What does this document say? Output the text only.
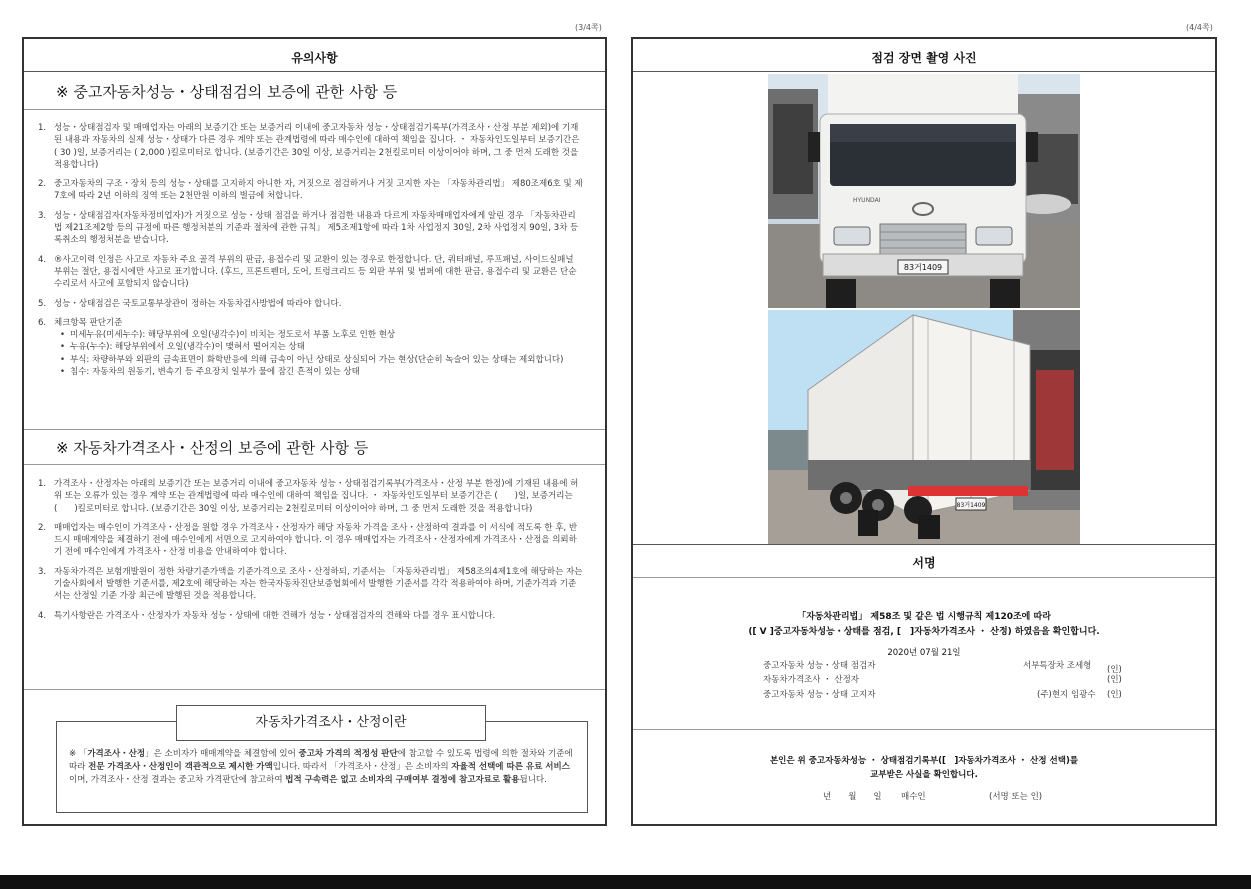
(3/4쪽)
유의사항
※ 중고자동차성능・상태점검의 보증에 관한 사항 등
1. 성능・상태점검자 및 매매업자는 아래의 보증기간 또는 보증거리 이내에 중고자동차 성능・상태점검기록부(가격조사・산정 부분 제외)에 기재된 내용과 자동차의 실제 성능・상태가 다른 경우 계약 또는 관계법령에 따라 매수인에 대하여 책임을 집니다. ・ 자동차인도일부터 보증기간은 ( 30 )일, 보증거리는 ( 2,000 )킬로미터로 합니다. (보증기간은 30일 이상, 보증거리는 2천킬로미터 이상이어야 하며, 그 중 먼저 도래한 것을 적용합니다)
2. 중고자동차의 구조・장치 등의 성능・상태를 고지하지 아니한 자, 거짓으로 점검하거나 거짓 고지한 자는 「자동차관리법」 제80조제6호 및 제7호에 따라 2년 이하의 징역 또는 2천만원 이하의 벌금에 처합니다.
3. 성능・상태점검자(자동차정비업자)가 거짓으로 성능・상태 점검을 하거나 점검한 내용과 다르게 자동차매매업자에게 알린 경우 「자동차관리법 제21조제2항 등의 규정에 따른 행정처분의 기준과 절차에 관한 규칙」 제5조제1항에 따라 1차 사업정지 30일, 2차 사업정지 90일, 3차 등록취소의 행정처분을 받습니다.
4. ®사고이력 인정은 사고로 자동차 주요 골격 부위의 판금, 용접수리 및 교환이 있는 경우로 한정합니다. 단, 쿼터패널, 루프패널, 사이드실패널 부위는 절단, 용접시에만 사고로 표기합니다. (후드, 프론트펜더, 도어, 트렁크리드 등 외판 부위 및 범퍼에 대한 판금, 용접수리 및 교환은 단순수리로서 사고에 포함되지 않습니다)
5. 성능・상태점검은 국토교통부장관이 정하는 자동차검사방법에 따라야 합니다.
6. 체크항목 판단기준
• 미세누유(미세누수): 해당부위에 오일(냉각수)이 비치는 정도로서 부품 노후로 인한 현상
• 누유(누수): 해당부위에서 오일(냉각수)이 맺혀서 떨어지는 상태
• 부식: 차량하부와 외판의 금속표면이 화학반응에 의해 금속이 아닌 상태로 상실되어 가는 현상(단순히 녹슬어 있는 상태는 제외합니다)
• 침수: 자동차의 원동기, 변속기 등 주요장치 일부가 물에 잠긴 흔적이 있는 상태
※ 자동차가격조사・산정의 보증에 관한 사항 등
1. 가격조사・산정자는 아래의 보증기간 또는 보증거리 이내에 중고자동차 성능・상태점검기록부(가격조사・산정 부분 한정)에 기재된 내용에 허위 또는 오류가 있는 경우 계약 또는 관계법령에 따라 매수인에 대하여 책임을 집니다. ・ 자동차인도일부터 보증기간은 (　　)일, 보증거리는 (　　)킬로미터로 합니다. (보증기간은 30일 이상, 보증거리는 2천킬로미터 이상이어야 하며, 그 중 먼저 도래한 것을 적용합니다)
2. 매매업자는 매수인이 가격조사・산정을 원할 경우 가격조사・산정자가 해당 자동차 가격을 조사・산정하여 결과를 이 서식에 적도록 한 후, 반드시 매매계약을 체결하기 전에 매수인에게 서면으로 고지하여야 합니다. 이 경우 매매업자는 가격조사・산정자에게 가격조사・산정을 의뢰하기 전에 매수인에게 가격조사・산정 비용을 안내하여야 합니다.
3. 자동차가격은 보험개발원이 정한 차량기준가액을 기준가격으로 조사・산정하되, 기준서는 「자동차관리법」 제58조의4제1호에 해당하는 자는 기술사회에서 발행한 기준서를, 제2호에 해당하는 자는 한국자동차진단보증협회에서 발행한 기준서를 각각 적용하여야 하며, 기준가격과 기준서는 산정일 기준 가장 최근에 발행된 것을 적용합니다.
4. 특기사항란은 가격조사・산정자가 자동차 성능・상태에 대한 견해가 성능・상태점검자의 견해와 다를 경우 표시합니다.
※ 「가격조사・산정」은 소비자가 매매계약을 체결함에 있어 중고차 가격의 적정성 판단에 참고할 수 있도록 법령에 의한 절차와 기준에 따라 전문 가격조사・산정인이 객관적으로 제시한 가액입니다. 따라서 「가격조사・산정」은 소비자의 자율적 선택에 따른 유료 서비스이며, 가격조사・산정 결과는 중고차 가격판단에 참고하여 법적 구속력은 없고 소비자의 구매여부 결정에 참고자료로 활용됩니다.
자동차가격조사・산정이란
(4/4쪽)
점검 장면 촬영 사진
HYUNDAI
83거1409
83거1409
서명
「자동차관리법」 제58조 및 같은 법 시행규칙 제120조에 따라
([ V ]중고자동차성능・상태를 점검, [　]자동차가격조사 ・ 산정) 하였음을 확인합니다.
2020년 07월 21일
중고자동차 성능・상태 점검자	서부특장차 조세형 (인)
자동차가격조사 ・ 산정자	(인)
중고자동차 성능・상태 고지자	(주)현지 임광수 (인)
본인은 위 중고자동차성능 ・ 상태점검기록부([　]자동차가격조사 ・ 산정 선택)를
교부받은 사실을 확인합니다.
년　　월　　일 매수인	(서명 또는 인)
